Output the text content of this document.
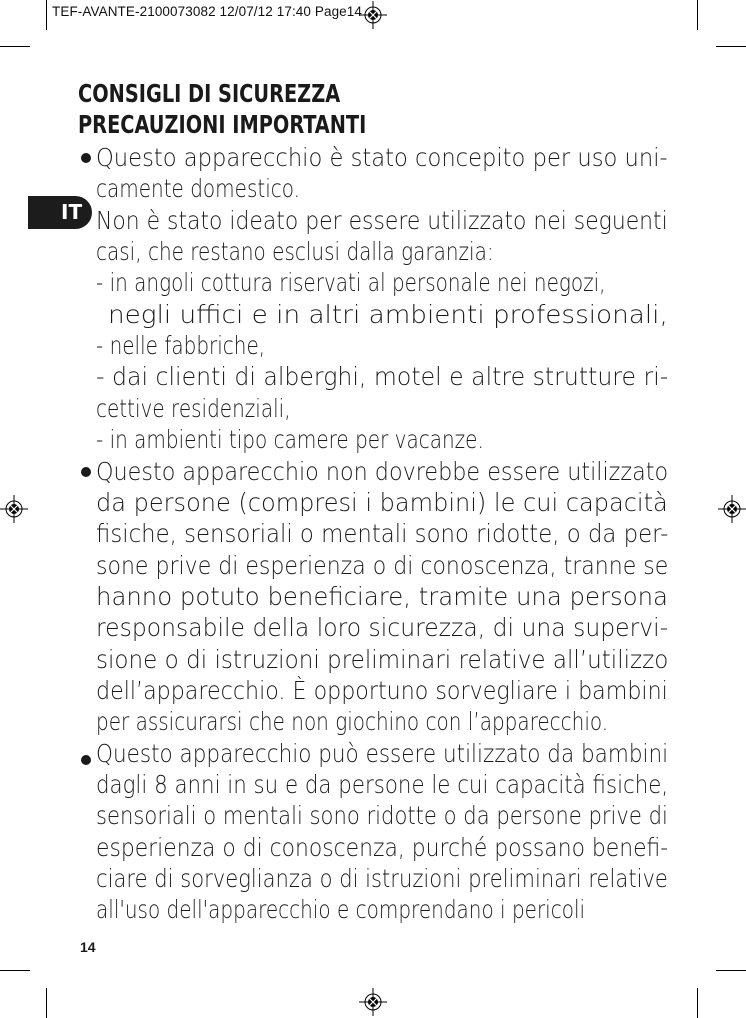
TEF-AVANTE-2100073082 12/07/12 17:40 Page14
IT
CONSIGLI DI SICUREZZA
PRECAUZIONI IMPORTANTI
Questo apparecchio è stato concepito per uso uni-
camente domestico.
Non è stato ideato per essere utilizzato nei seguenti
casi, che restano esclusi dalla garanzia:
- in angoli cottura riservati al personale nei negozi,
negli uffici e in altri ambienti professionali,
- nelle fabbriche,
- dai clienti di alberghi, motel e altre strutture ri-
cettive residenziali,
- in ambienti tipo camere per vacanze.
Questo apparecchio non dovrebbe essere utilizzato
da persone (compresi i bambini) le cui capacità
fisiche, sensoriali o mentali sono ridotte, o da per-
sone prive di esperienza o di conoscenza, tranne se
hanno potuto beneficiare, tramite una persona
responsabile della loro sicurezza, di una supervi-
sione o di istruzioni preliminari relative all’utilizzo
dell’apparecchio. È opportuno sorvegliare i bambini
per assicurarsi che non giochino con l’apparecchio.
Questo apparecchio può essere utilizzato da bambini
dagli 8 anni in su e da persone le cui capacità fisiche,
sensoriali o mentali sono ridotte o da persone prive di
esperienza o di conoscenza, purché possano benefi-
ciare di sorveglianza o di istruzioni preliminari relative
all'uso dell'apparecchio e comprendano i pericoli
14
